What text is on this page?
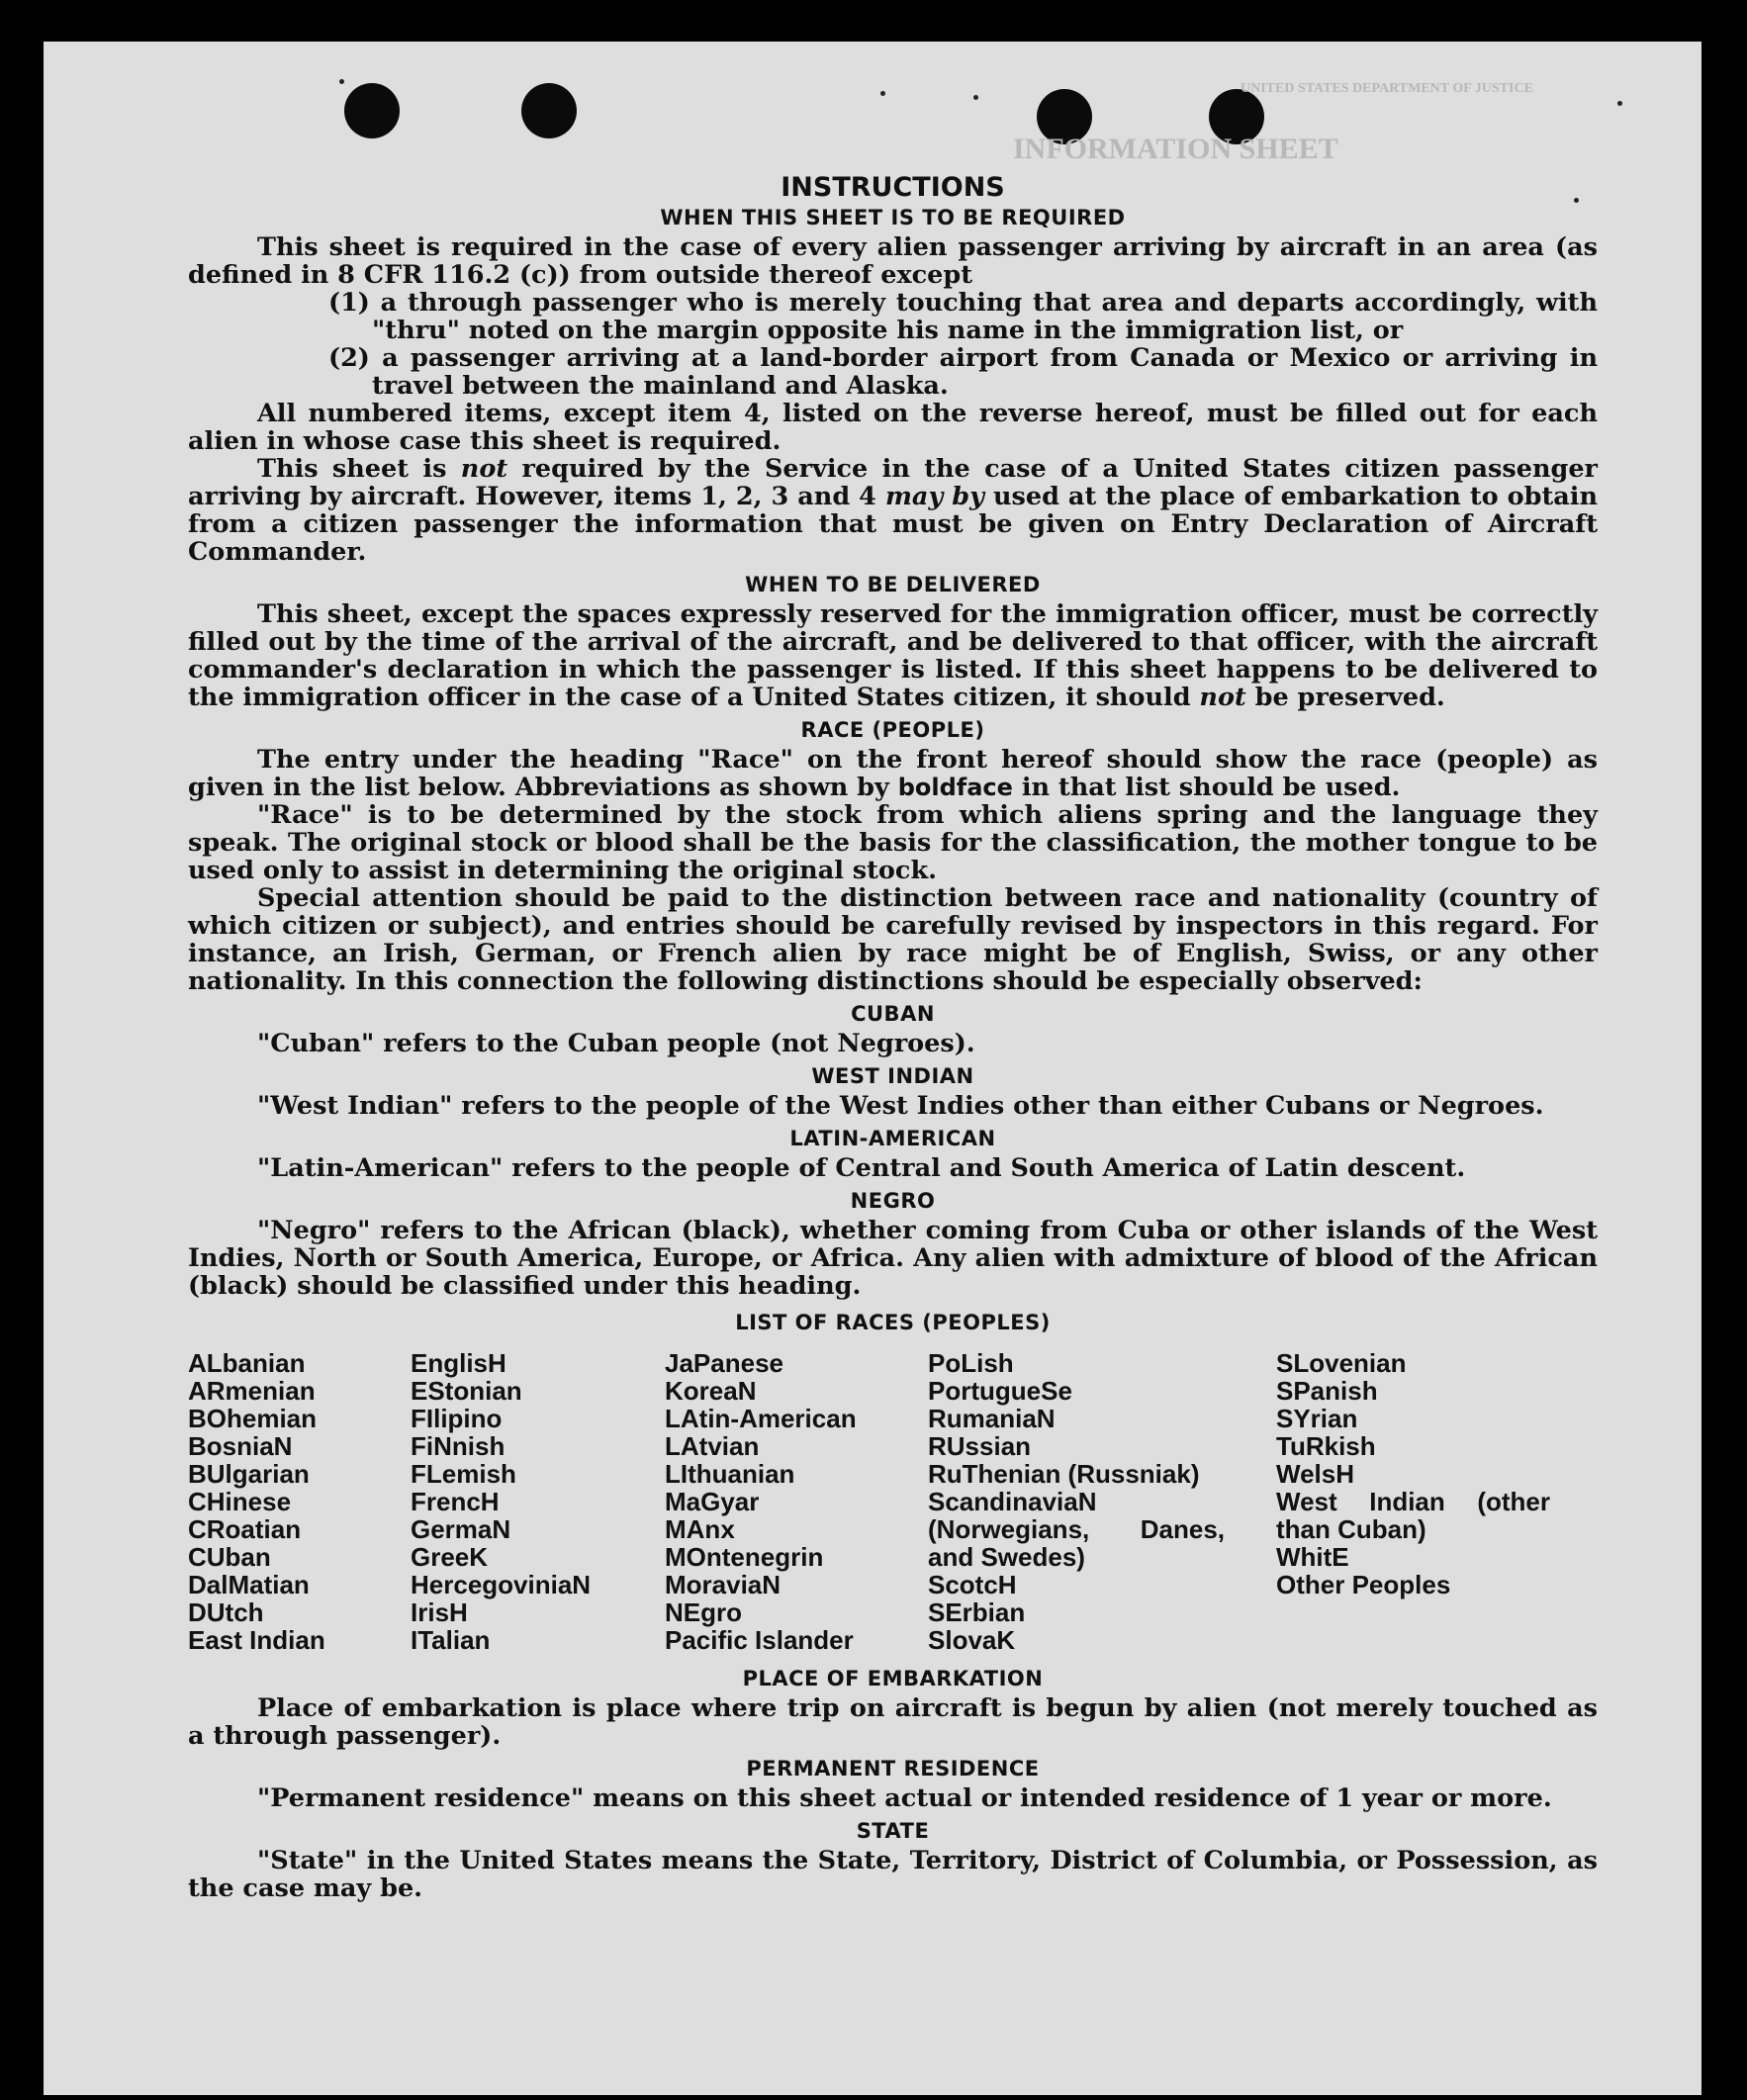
INFORMATION SHEET
UNITED STATES DEPARTMENT OF JUSTICE
INSTRUCTIONS
WHEN THIS SHEET IS TO BE REQUIRED

This sheet is required in the case of every alien passenger arriving by aircraft in an area (as defined in 8 CFR 116.2 (c)) from outside thereof except

(1) a through passenger who is merely touching that area and departs accordingly, with "thru" noted on the margin opposite his name in the immigration list, or
(2) a passenger arriving at a land-border airport from Canada or Mexico or arriving in travel between the mainland and Alaska.

All numbered items, except item 4, listed on the reverse hereof, must be filled out for each alien in whose case this sheet is required.

This sheet is not required by the Service in the case of a United States citizen passenger arriving by aircraft. However, items 1, 2, 3 and 4 may by used at the place of embarkation to obtain from a citizen passenger the information that must be given on Entry Declaration of Aircraft Commander.

WHEN TO BE DELIVERED

This sheet, except the spaces expressly reserved for the immigration officer, must be correctly filled out by the time of the arrival of the aircraft, and be delivered to that officer, with the aircraft commander's declaration in which the passenger is listed. If this sheet happens to be delivered to the immigration officer in the case of a United States citizen, it should not be preserved.

RACE (PEOPLE)

The entry under the heading "Race" on the front hereof should show the race (people) as given in the list below. Abbreviations as shown by boldface in that list should be used.

"Race" is to be determined by the stock from which aliens spring and the language they speak. The original stock or blood shall be the basis for the classification, the mother tongue to be used only to assist in determining the original stock.

Special attention should be paid to the distinction between race and nationality (country of which citizen or subject), and entries should be carefully revised by inspectors in this regard. For instance, an Irish, German, or French alien by race might be of English, Swiss, or any other nationality. In this connection the following distinctions should be especially observed:

CUBAN

"Cuban" refers to the Cuban people (not Negroes).

WEST INDIAN

"West Indian" refers to the people of the West Indies other than either Cubans or Negroes.

LATIN-AMERICAN

"Latin-American" refers to the people of Central and South America of Latin descent.

NEGRO

"Negro" refers to the African (black), whether coming from Cuba or other islands of the West Indies, North or South America, Europe, or Africa. Any alien with admixture of blood of the African (black) should be classified under this heading.

LIST OF RACES (PEOPLES)
ALbanian
ARmenian
BOhemian
BosniaN
BUlgarian
CHinese
CRoatian
CUban
DalMatian
DUtch
East Indian
EnglisH
EStonian
FIlipino
FiNnish
FLemish
FrencH
GermaN
GreeK
HercegoviniaN
IrisH
ITalian
JaPanese
KoreaN
LAtin-American
LAtvian
LIthuanian
MaGyar
MAnx
MOntenegrin
MoraviaN
NEgro
Pacific Islander
PoLish
PortugueSe
RumaniaN
RUssian
RuThenian (Russniak)
ScandinaviaN (Norwegians, Danes, and Swedes)
ScotcH
SErbian
SlovaK
SLovenian
SPanish
SYrian
TuRkish
WelsH
West Indian (other than Cuban)
WhitE
Other Peoples
PLACE OF EMBARKATION

Place of embarkation is place where trip on aircraft is begun by alien (not merely touched as a through passenger).

PERMANENT RESIDENCE

"Permanent residence" means on this sheet actual or intended residence of 1 year or more.

STATE

"State" in the United States means the State, Territory, District of Columbia, or Possession, as the case may be.
